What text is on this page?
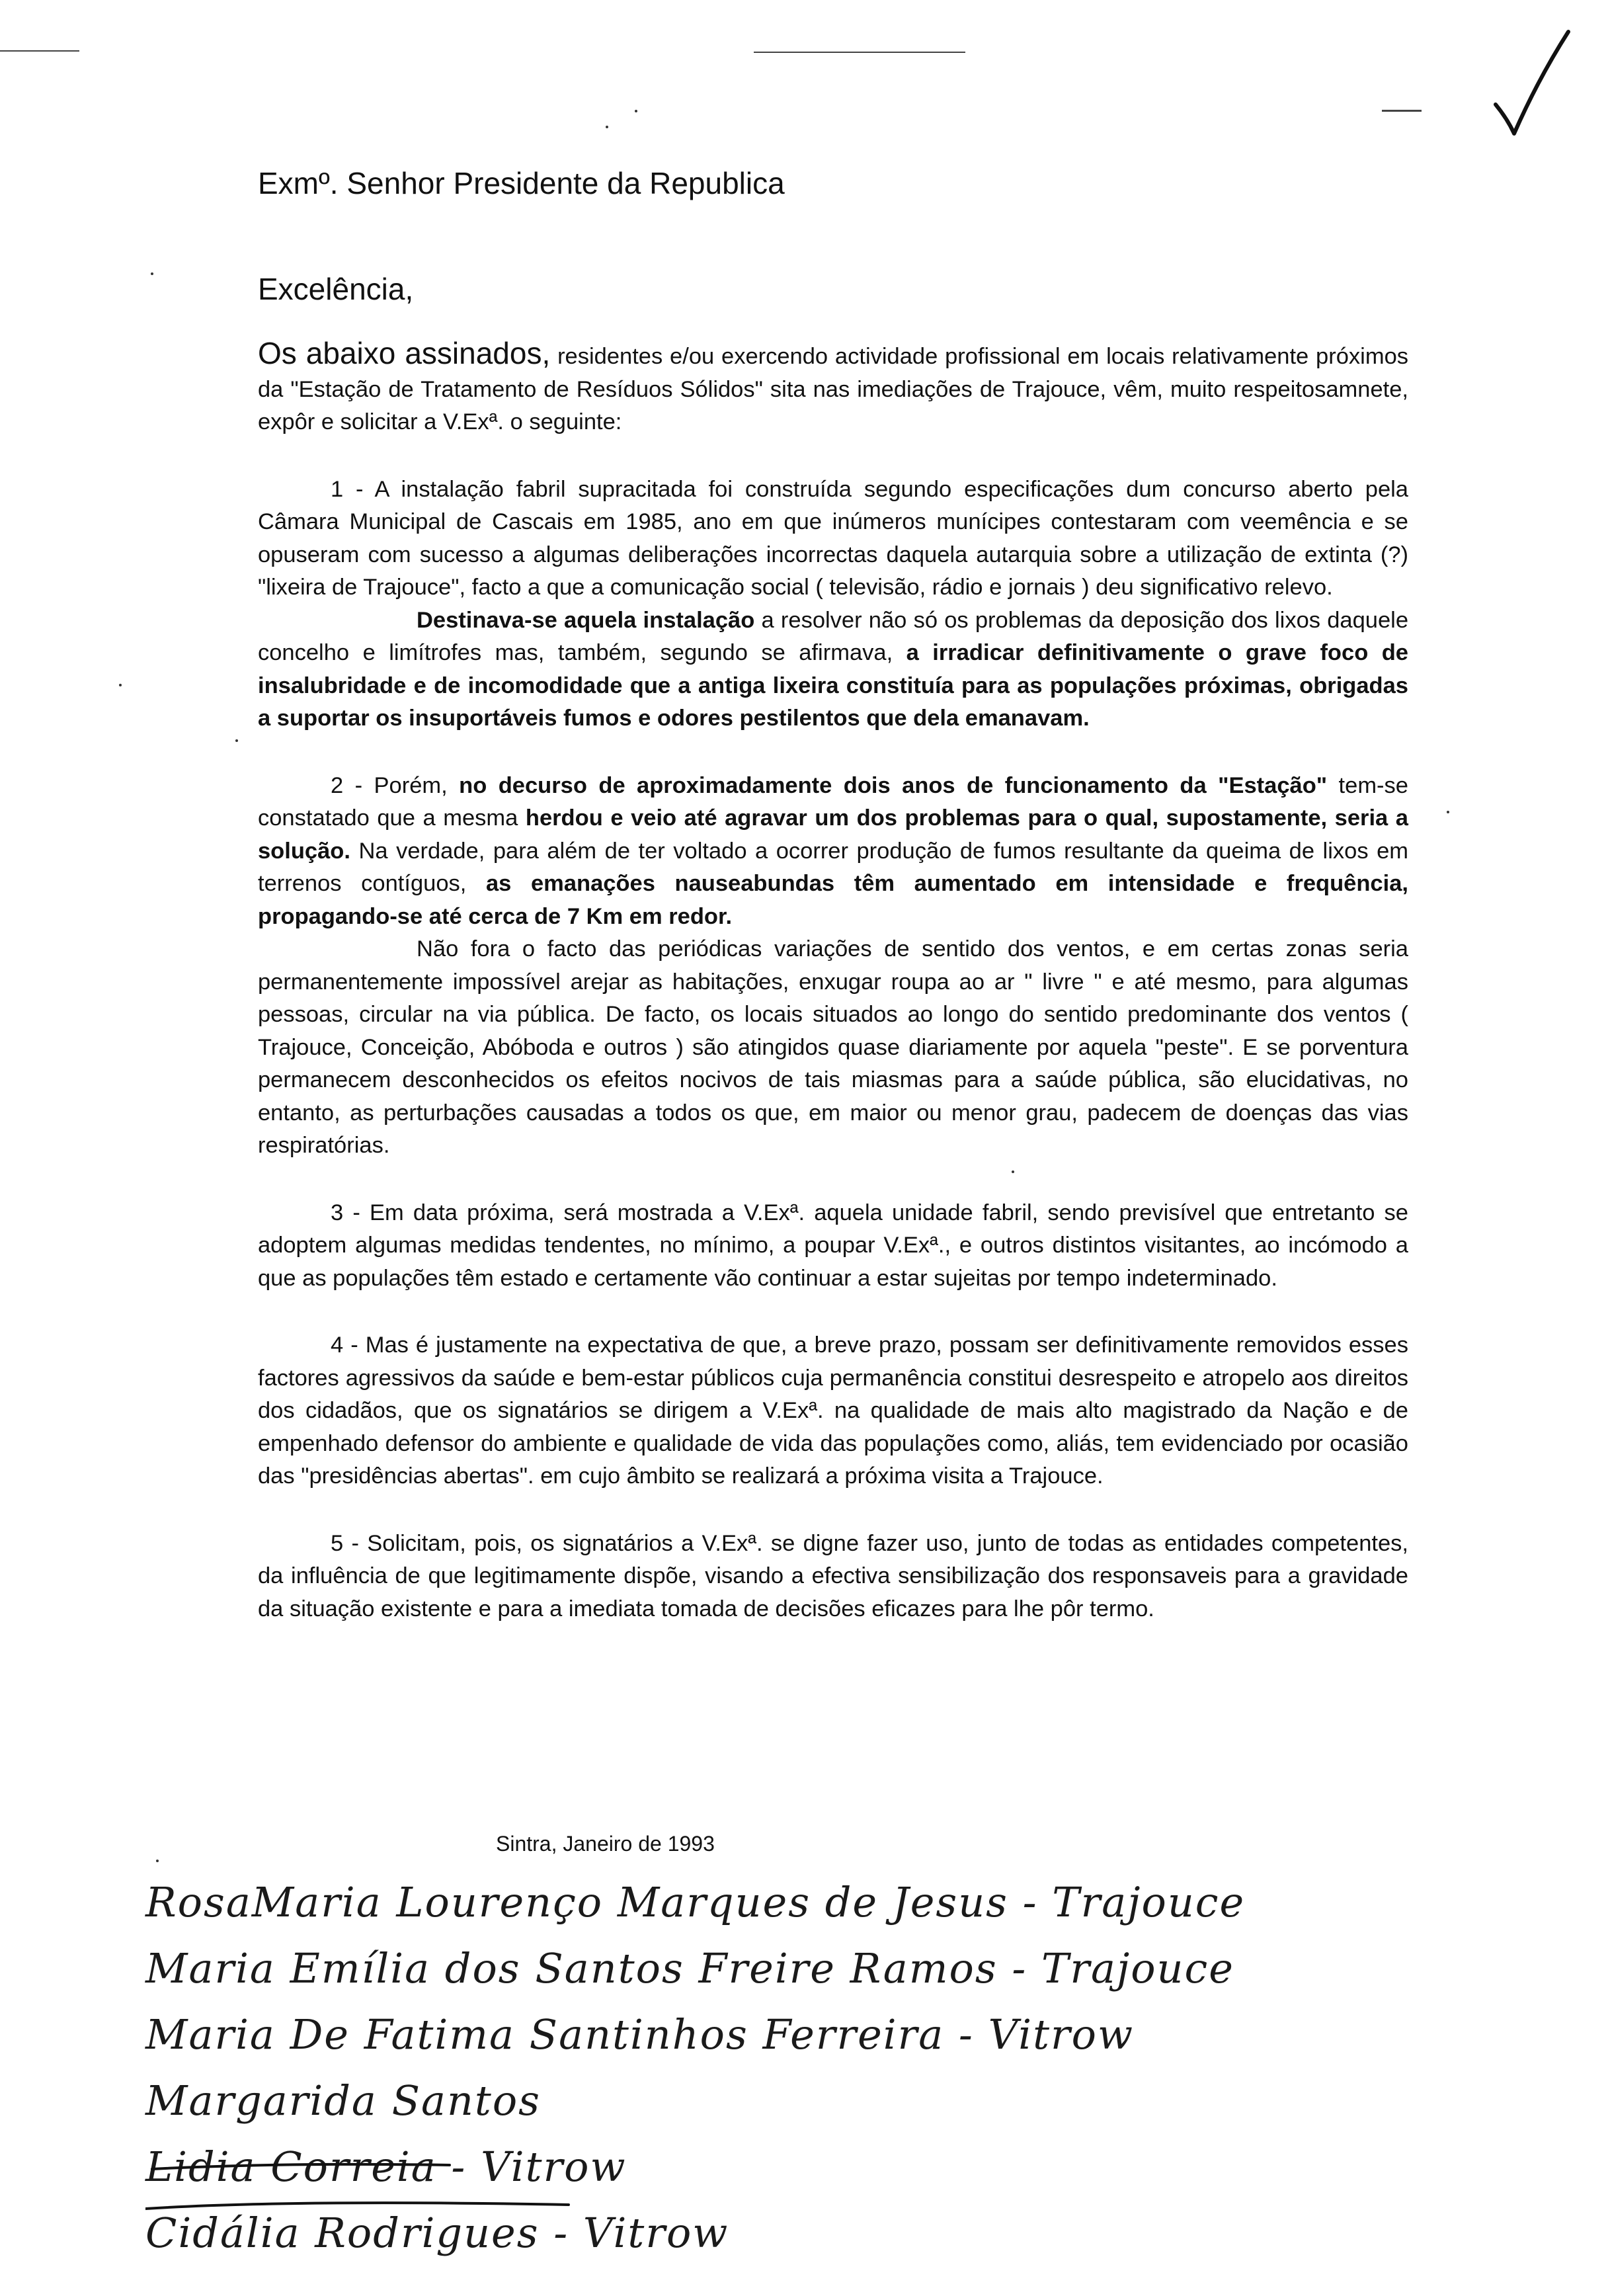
Exmº. Senhor Presidente da Republica
Excelência,

Os abaixo assinados, residentes e/ou exercendo actividade profissional em locais relativamente próximos da "Estação de Tratamento de Resíduos Sólidos" sita nas imediações de Trajouce, vêm, muito respeitosamnete, expôr e solicitar a V.Exª. o seguinte:

1 - A instalação fabril supracitada foi construída segundo especificações dum concurso aberto pela Câmara Municipal de Cascais em 1985, ano em que inúmeros munícipes contestaram com veemência e se opuseram com sucesso a algumas deliberações incorrectas daquela autarquia sobre a utilização de extinta (?) "lixeira de Trajouce", facto a que a comunicação social ( televisão, rádio e jornais ) deu significativo relevo.

Destinava-se aquela instalação a resolver não só os problemas da deposição dos lixos daquele concelho e limítrofes mas, também, segundo se afirmava, a irradicar definitivamente o grave foco de insalubridade e de incomodidade que a antiga lixeira constituía para as populações próximas, obrigadas a suportar os insuportáveis fumos e odores pestilentos que dela emanavam.

2 - Porém, no decurso de aproximadamente dois anos de funcionamento da "Estação" tem-se constatado que a mesma herdou e veio até agravar um dos problemas para o qual, supostamente, seria a solução. Na verdade, para além de ter voltado a ocorrer produção de fumos resultante da queima de lixos em terrenos contíguos, as emanações nauseabundas têm aumentado em intensidade e frequência, propagando-se até cerca de 7 Km em redor.

Não fora o facto das periódicas variações de sentido dos ventos, e em certas zonas seria permanentemente impossível arejar as habitações, enxugar roupa ao ar " livre " e até mesmo, para algumas pessoas, circular na via pública. De facto, os locais situados ao longo do sentido predominante dos ventos ( Trajouce, Conceição, Abóboda e outros ) são atingidos quase diariamente por aquela "peste". E se porventura permanecem desconhecidos os efeitos nocivos de tais miasmas para a saúde pública, são elucidativas, no entanto, as perturbações causadas a todos os que, em maior ou menor grau, padecem de doenças das vias respiratórias.

3 - Em data próxima, será mostrada a V.Exª. aquela unidade fabril, sendo previsível que entretanto se adoptem algumas medidas tendentes, no mínimo, a poupar V.Exª., e outros distintos visitantes, ao incómodo a que as populações têm estado e certamente vão continuar a estar sujeitas por tempo indeterminado.

4 - Mas é justamente na expectativa de que, a breve prazo, possam ser definitivamente removidos esses factores agressivos da saúde e bem-estar públicos cuja permanência constitui desrespeito e atropelo aos direitos dos cidadãos, que os signatários se dirigem a V.Exª. na qualidade de mais alto magistrado da Nação e de empenhado defensor do ambiente e qualidade de vida das populações como, aliás, tem evidenciado por ocasião das "presidências abertas". em cujo âmbito se realizará a próxima visita a Trajouce.

5 - Solicitam, pois, os signatários a V.Exª. se digne fazer uso, junto de todas as entidades competentes, da influência de que legitimamente dispõe, visando a efectiva sensibilização dos responsaveis para a gravidade da situação existente e para a imediata tomada de decisões eficazes para lhe pôr termo.

Sintra, Janeiro de 1993
RosaMaria Lourenço Marques de Jesus - Trajouce
Maria Emília dos Santos Freire Ramos - Trajouce
Maria De Fatima Santinhos Ferreira - Vitrow
Margarida Santos
Lidia Correia - Vitrow
Cidália Rodrigues - Vitrow
